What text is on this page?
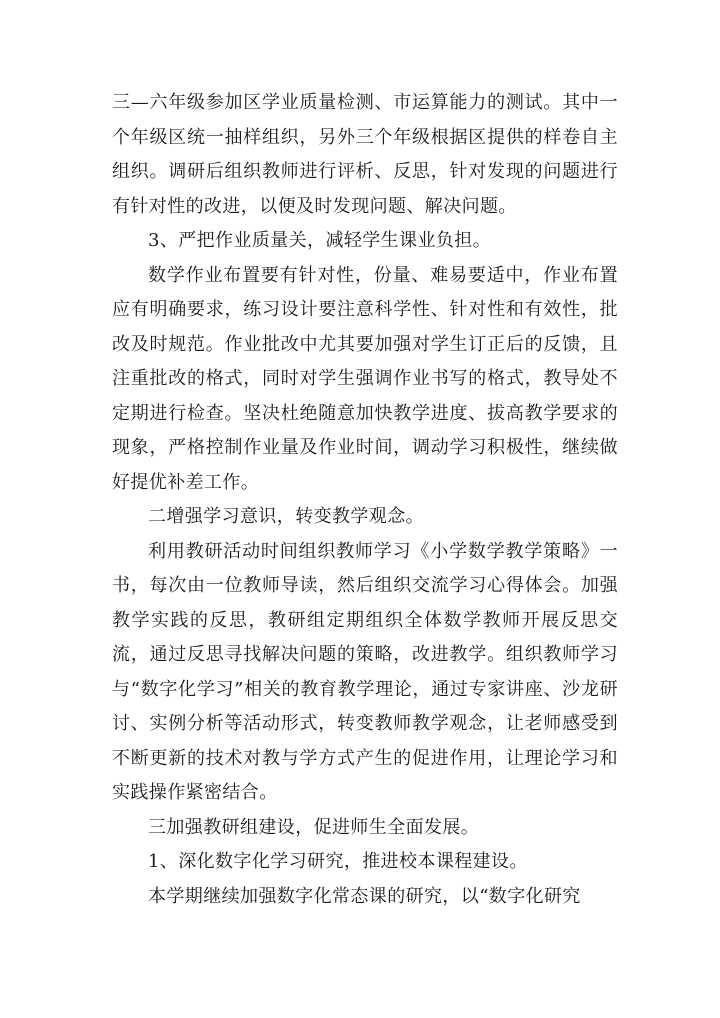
三—六年级参加区学业质量检测、市运算能力的测试。其中一个年级区统一抽样组织，另外三个年级根据区提供的样卷自主组织。调研后组织教师进行评析、反思，针对发现的问题进行有针对性的改进，以便及时发现问题、解决问题。

3、严把作业质量关，减轻学生课业负担。

数学作业布置要有针对性，份量、难易要适中，作业布置应有明确要求，练习设计要注意科学性、针对性和有效性，批改及时规范。作业批改中尤其要加强对学生订正后的反馈，且注重批改的格式，同时对学生强调作业书写的格式，教导处不定期进行检查。坚决杜绝随意加快教学进度、拔高教学要求的现象，严格控制作业量及作业时间，调动学习积极性，继续做好提优补差工作。

二增强学习意识，转变教学观念。

利用教研活动时间组织教师学习《小学数学教学策略》一书，每次由一位教师导读，然后组织交流学习心得体会。加强教学实践的反思，教研组定期组织全体数学教师开展反思交流，通过反思寻找解决问题的策略，改进教学。组织教师学习与“数字化学习”相关的教育教学理论，通过专家讲座、沙龙研讨、实例分析等活动形式，转变教师教学观念，让老师感受到不断更新的技术对教与学方式产生的促进作用，让理论学习和实践操作紧密结合。

三加强教研组建设，促进师生全面发展。

1、深化数字化学习研究，推进校本课程建设。

本学期继续加强数字化常态课的研究，以“数字化研究
